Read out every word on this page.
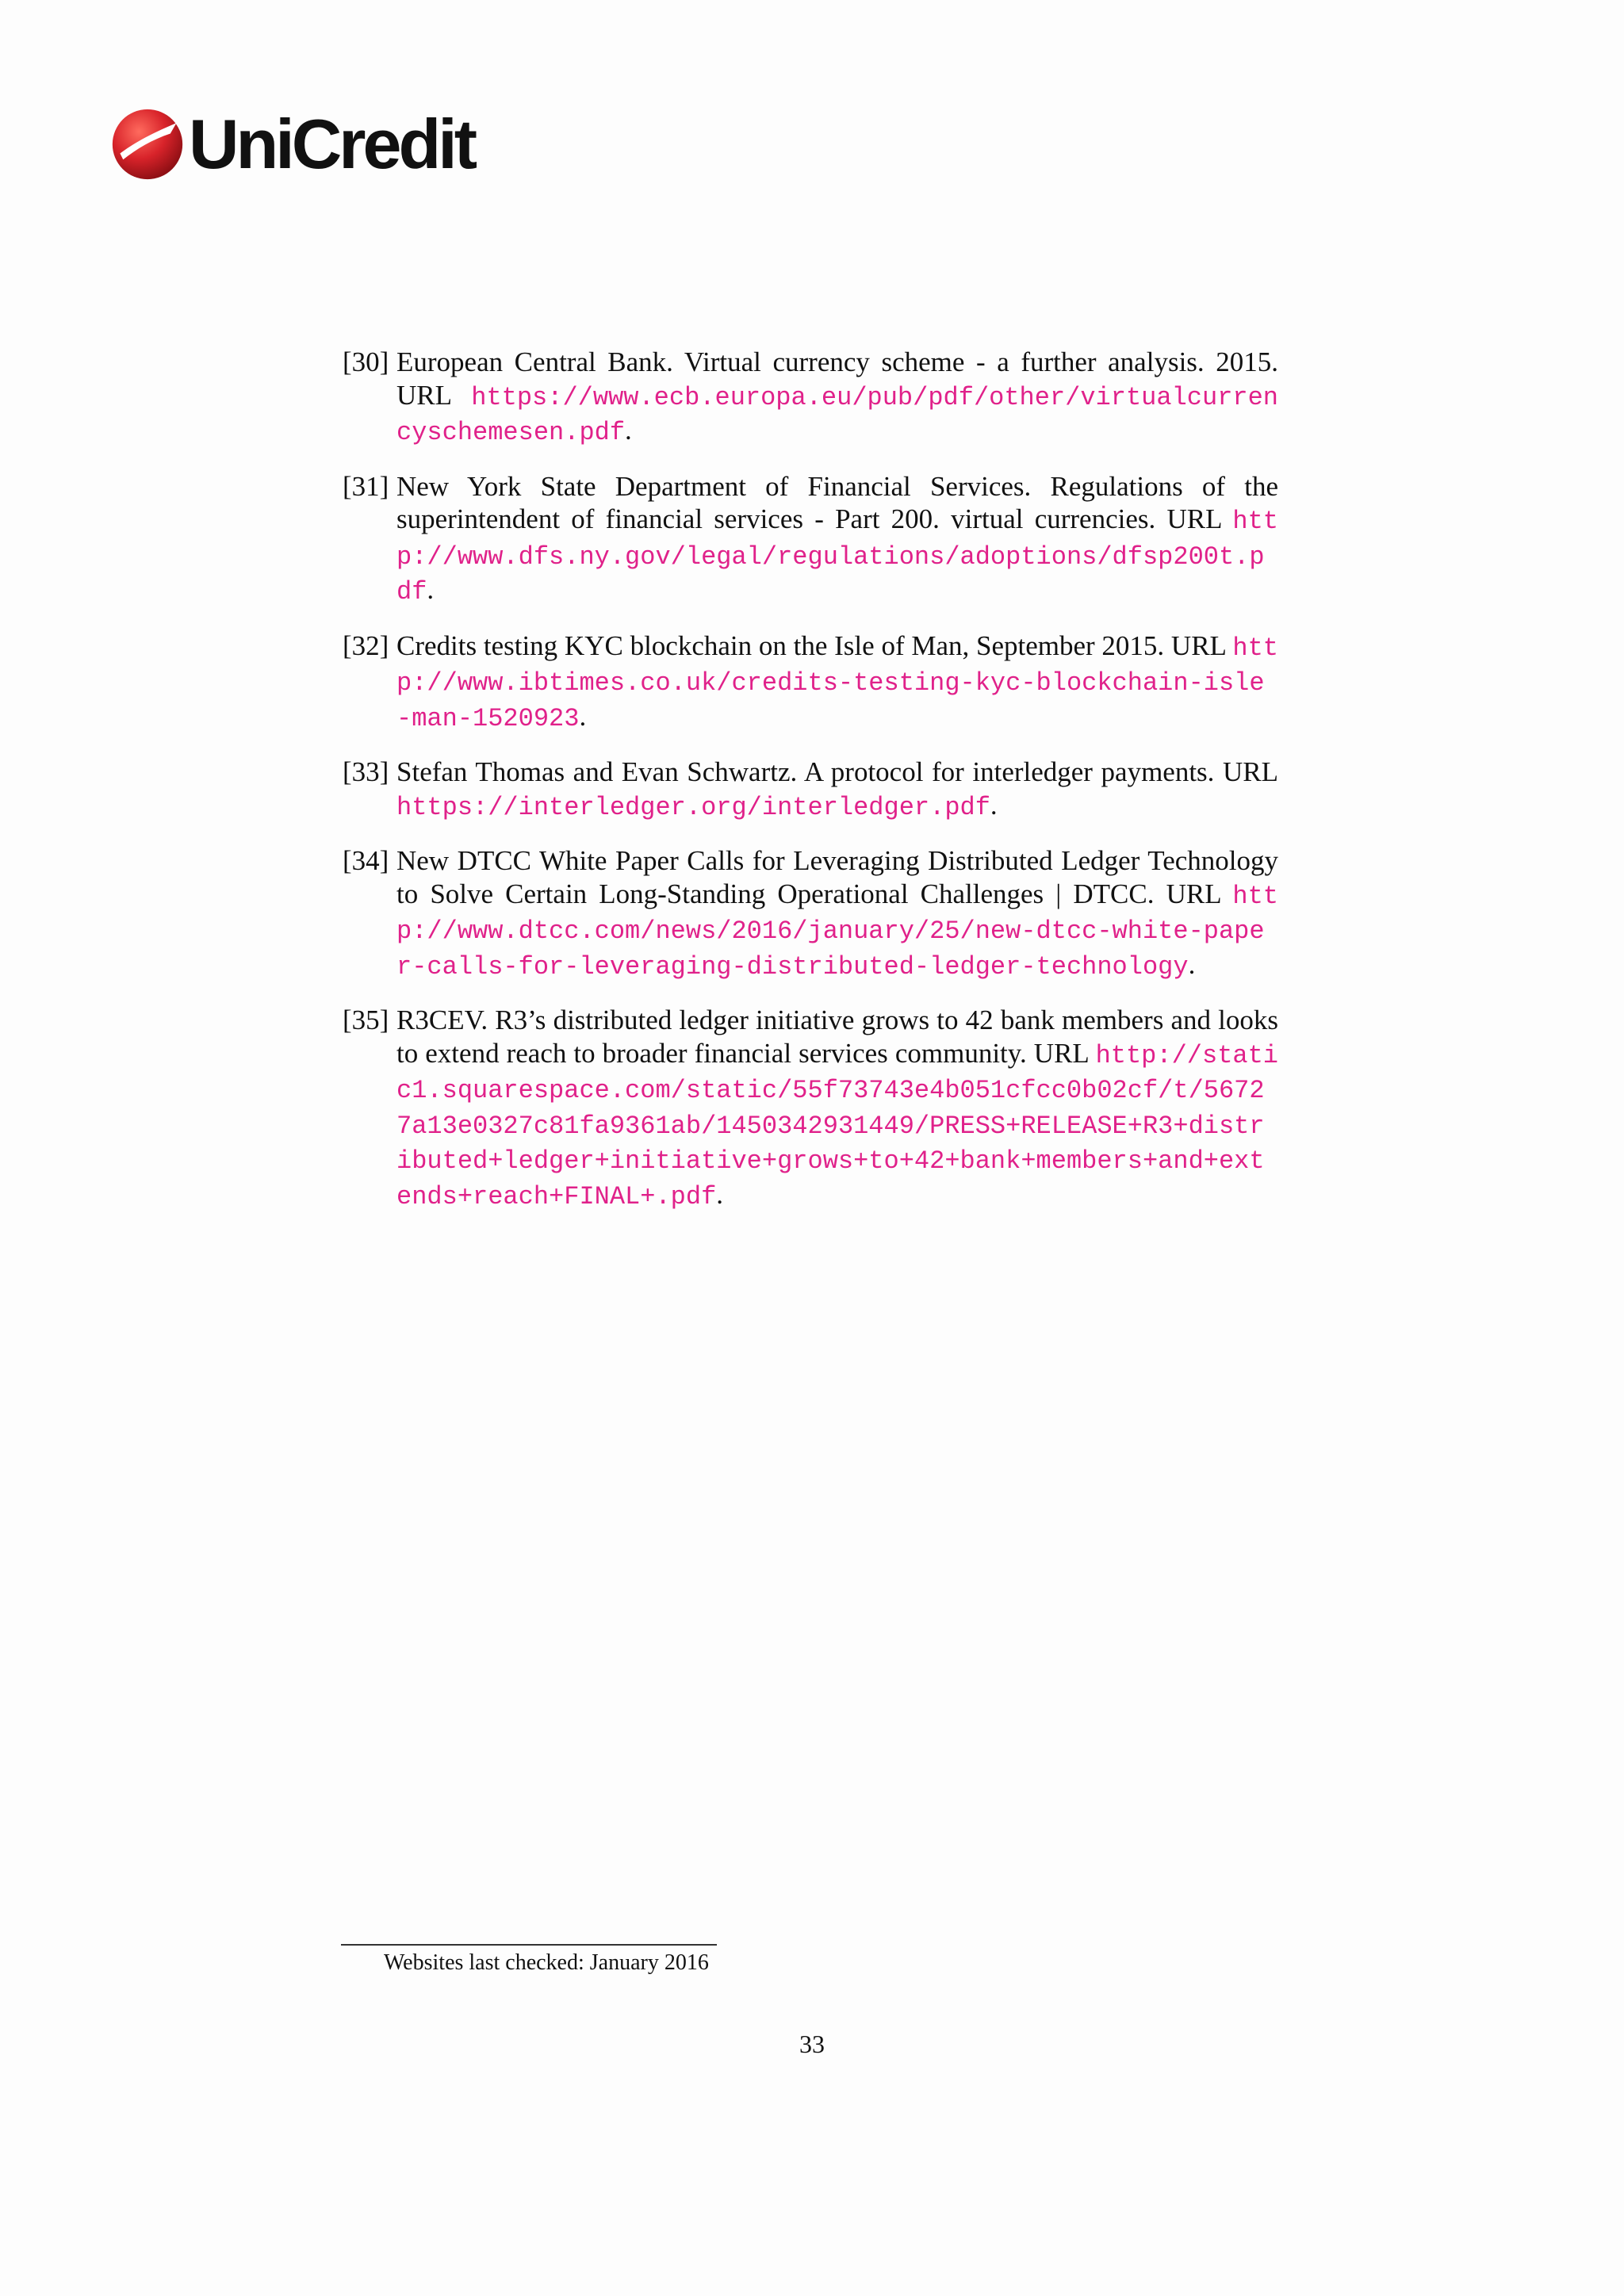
UniCredit
[30] European Central Bank. Virtual currency scheme - a further analysis. 2015. URL https://www.ecb.europa.eu/pub/pdf/other/virtualcurrencyschemesen.pdf.
[31] New York State Department of Financial Services. Regulations of the superintendent of financial services - Part 200. virtual currencies. URL http://www.dfs.ny.gov/legal/regulations/adoptions/dfsp200t.pdf.
[32] Credits testing KYC blockchain on the Isle of Man, September 2015. URL http://www.ibtimes.co.uk/credits-testing-kyc-blockchain-isle-man-1520923.
[33] Stefan Thomas and Evan Schwartz. A protocol for interledger payments. URL https://interledger.org/interledger.pdf.
[34] New DTCC White Paper Calls for Leveraging Distributed Ledger Technology to Solve Certain Long-Standing Operational Challenges | DTCC. URL http://www.dtcc.com/news/2016/january/25/new-dtcc-white-paper-calls-for-leveraging-distributed-ledger-technology.
[35] R3CEV. R3’s distributed ledger initiative grows to 42 bank members and looks to extend reach to broader financial services community. URL http://static1.squarespace.com/static/55f73743e4b051cfcc0b02cf/t/56727a13e0327c81fa9361ab/1450342931449/PRESS+RELEASE+R3+distributed+ledger+initiative+grows+to+42+bank+members+and+extends+reach+FINAL+.pdf.
Websites last checked: January 2016
33
